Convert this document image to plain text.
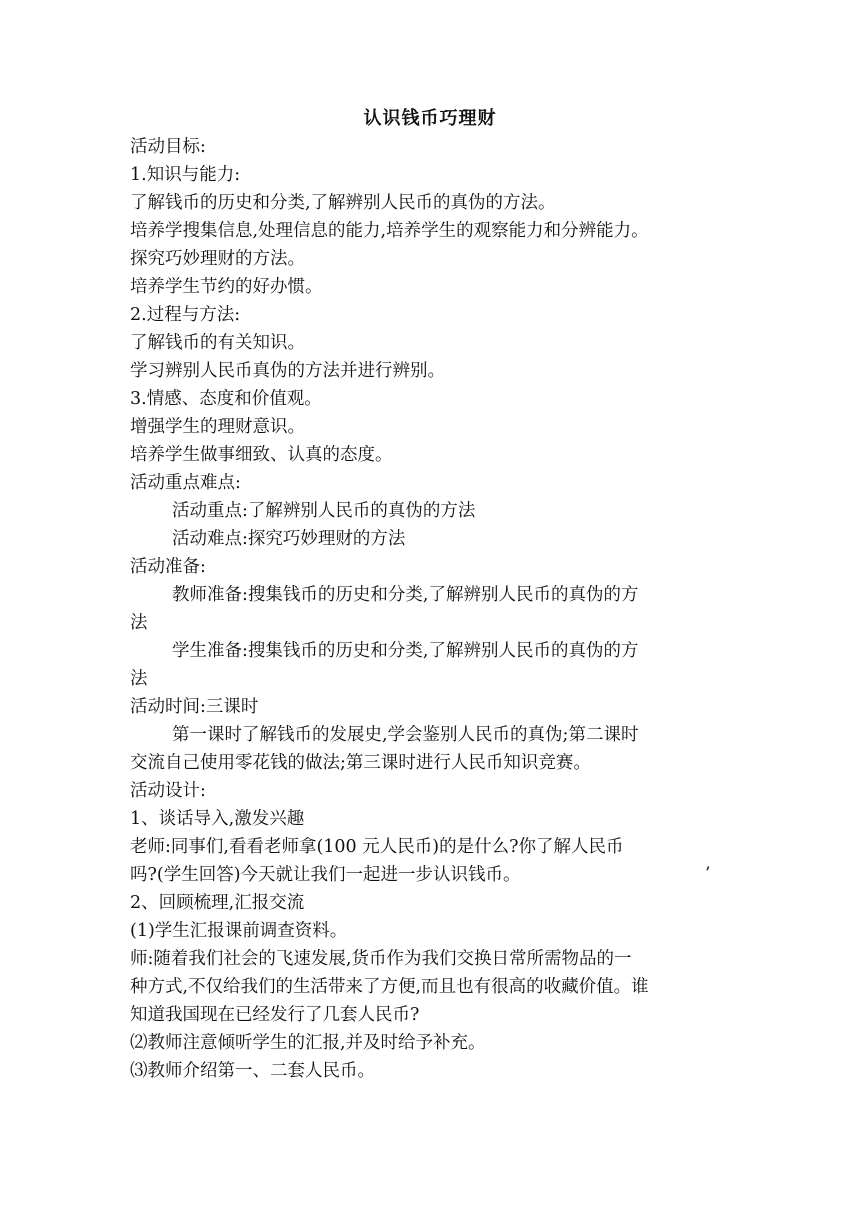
认识钱币巧理财
活动目标:
1.知识与能力:
了解钱币的历史和分类,了解辨别人民币的真伪的方法。
培养学搜集信息,处理信息的能力,培养学生的观察能力和分辨能力。
探究巧妙理财的方法。
培养学生节约的好办惯。
2.过程与方法:
了解钱币的有关知识。
学习辨别人民币真伪的方法并进行辨别。
3.情感、态度和价值观。
增强学生的理财意识。
培养学生做事细致、认真的态度。
活动重点难点:
活动重点:了解辨别人民币的真伪的方法
活动难点:探究巧妙理财的方法
活动准备:
教师准备:搜集钱币的历史和分类,了解辨别人民币的真伪的方
法
学生准备:搜集钱币的历史和分类,了解辨别人民币的真伪的方
法
活动时间:三课时
第一课时了解钱币的发展史,学会鉴别人民币的真伪;第二课时
交流自己使用零花钱的做法;第三课时进行人民币知识竞赛。
活动设计:
1、谈话导入,激发兴趣
老师:同事们,看看老师拿(100 元人民币)的是什么?你了解人民币
吗?(学生回答)今天就让我们一起进一步认识钱币。
2、回顾梳理,汇报交流
(1)学生汇报课前调查资料。
师:随着我们社会的飞速发展,货币作为我们交换日常所需物品的一
种方式,不仅给我们的生活带来了方便,而且也有很高的收藏价值。谁
知道我国现在已经发行了几套人民币?
⑵教师注意倾听学生的汇报,并及时给予补充。
⑶教师介绍第一、二套人民币。
’
